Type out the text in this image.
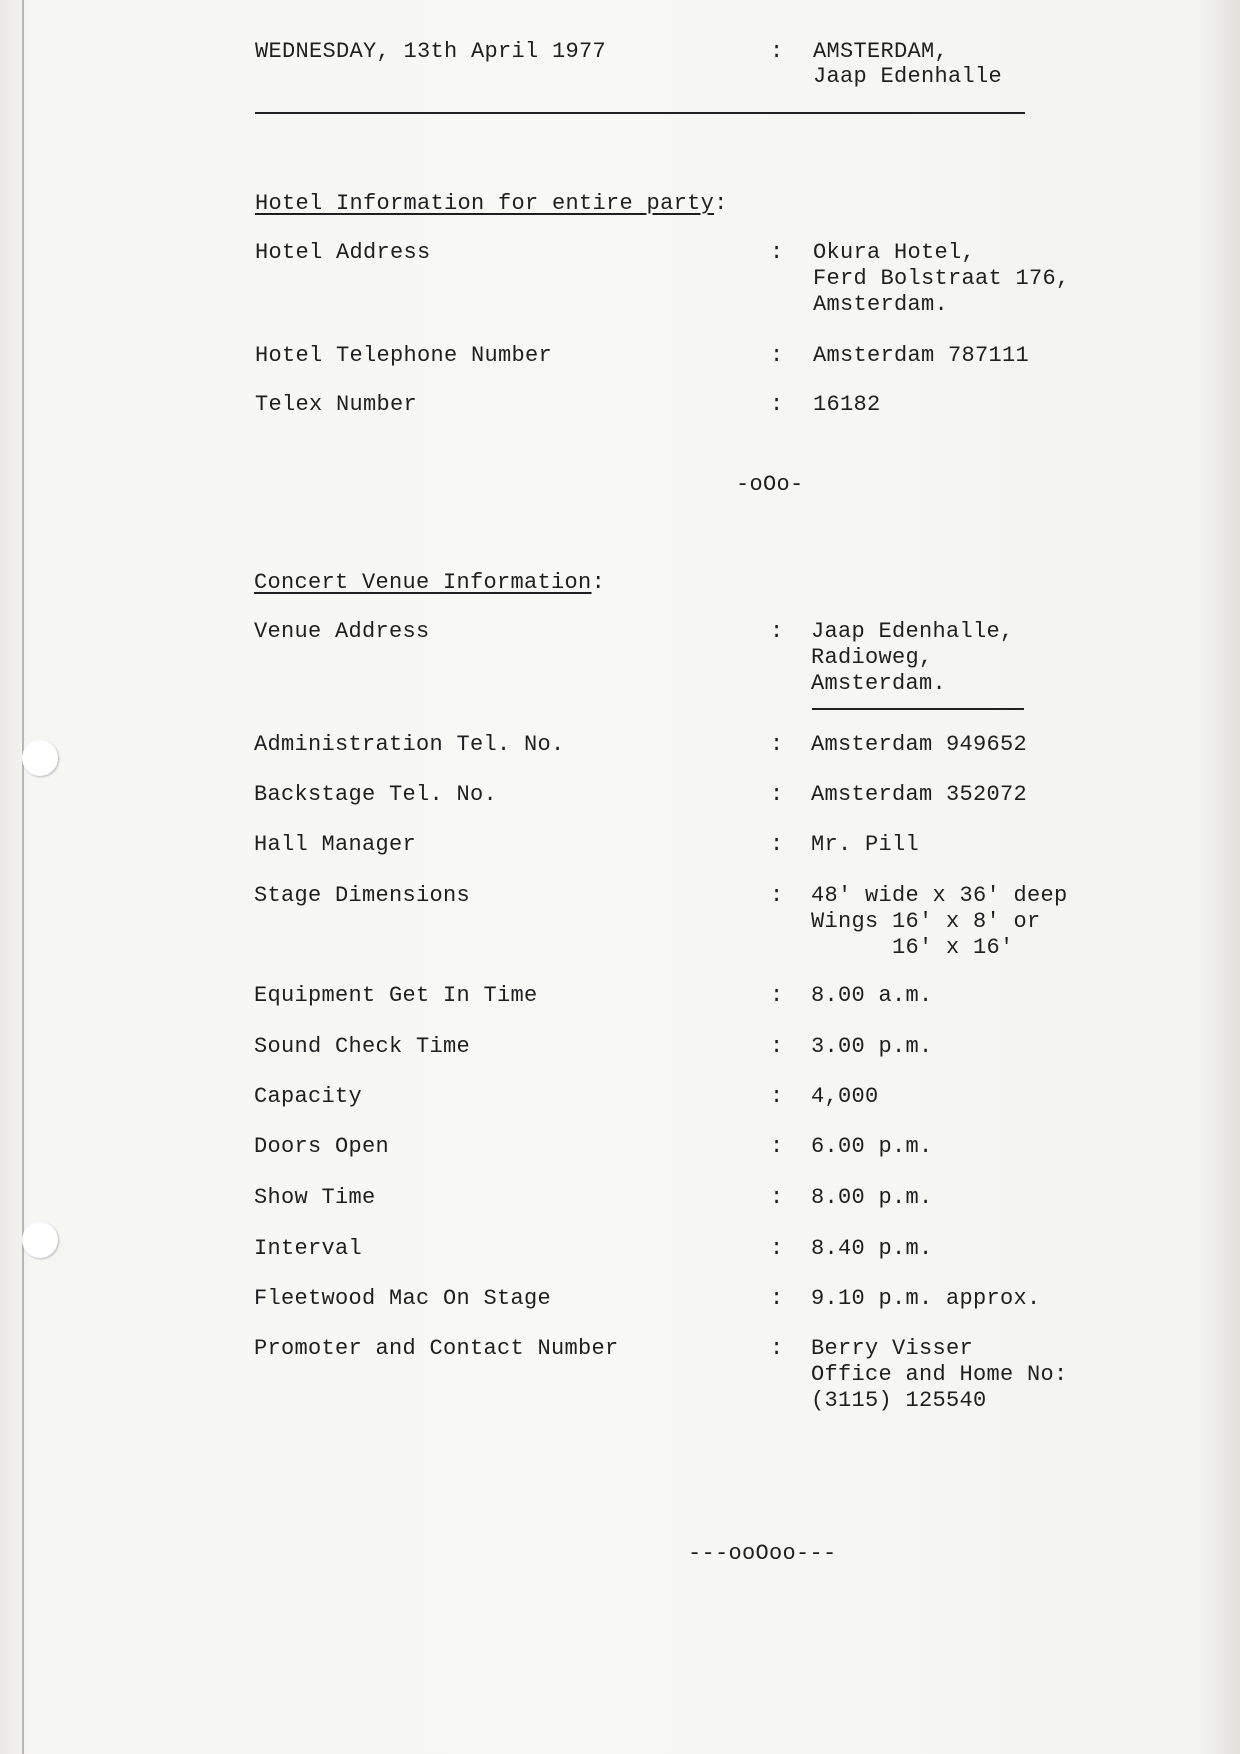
WEDNESDAY, 13th April 1977	: AMSTERDAM,
Jaap Edenhalle
Hotel Information for entire party:
Hotel Address	: Okura Hotel,
Ferd Bolstraat 176,
Amsterdam.
Hotel Telephone Number	: Amsterdam 787111
Telex Number	: 16182
-oOo-
Concert Venue Information:
Venue Address	: Jaap Edenhalle,
Radioweg,
Amsterdam.
Administration Tel. No.	: Amsterdam 949652
Backstage Tel. No.	: Amsterdam 352072
Hall Manager	: Mr. Pill
Stage Dimensions	: 48' wide x 36' deep
Wings 16' x 8' or
16' x 16'
Equipment Get In Time	: 8.00 a.m.
Sound Check Time	: 3.00 p.m.
Capacity	: 4,000
Doors Open	: 6.00 p.m.
Show Time	: 8.00 p.m.
Interval	: 8.40 p.m.
Fleetwood Mac On Stage	: 9.10 p.m. approx.
Promoter and Contact Number	: Berry Visser
Office and Home No:
(3115) 125540
---ooOoo---
